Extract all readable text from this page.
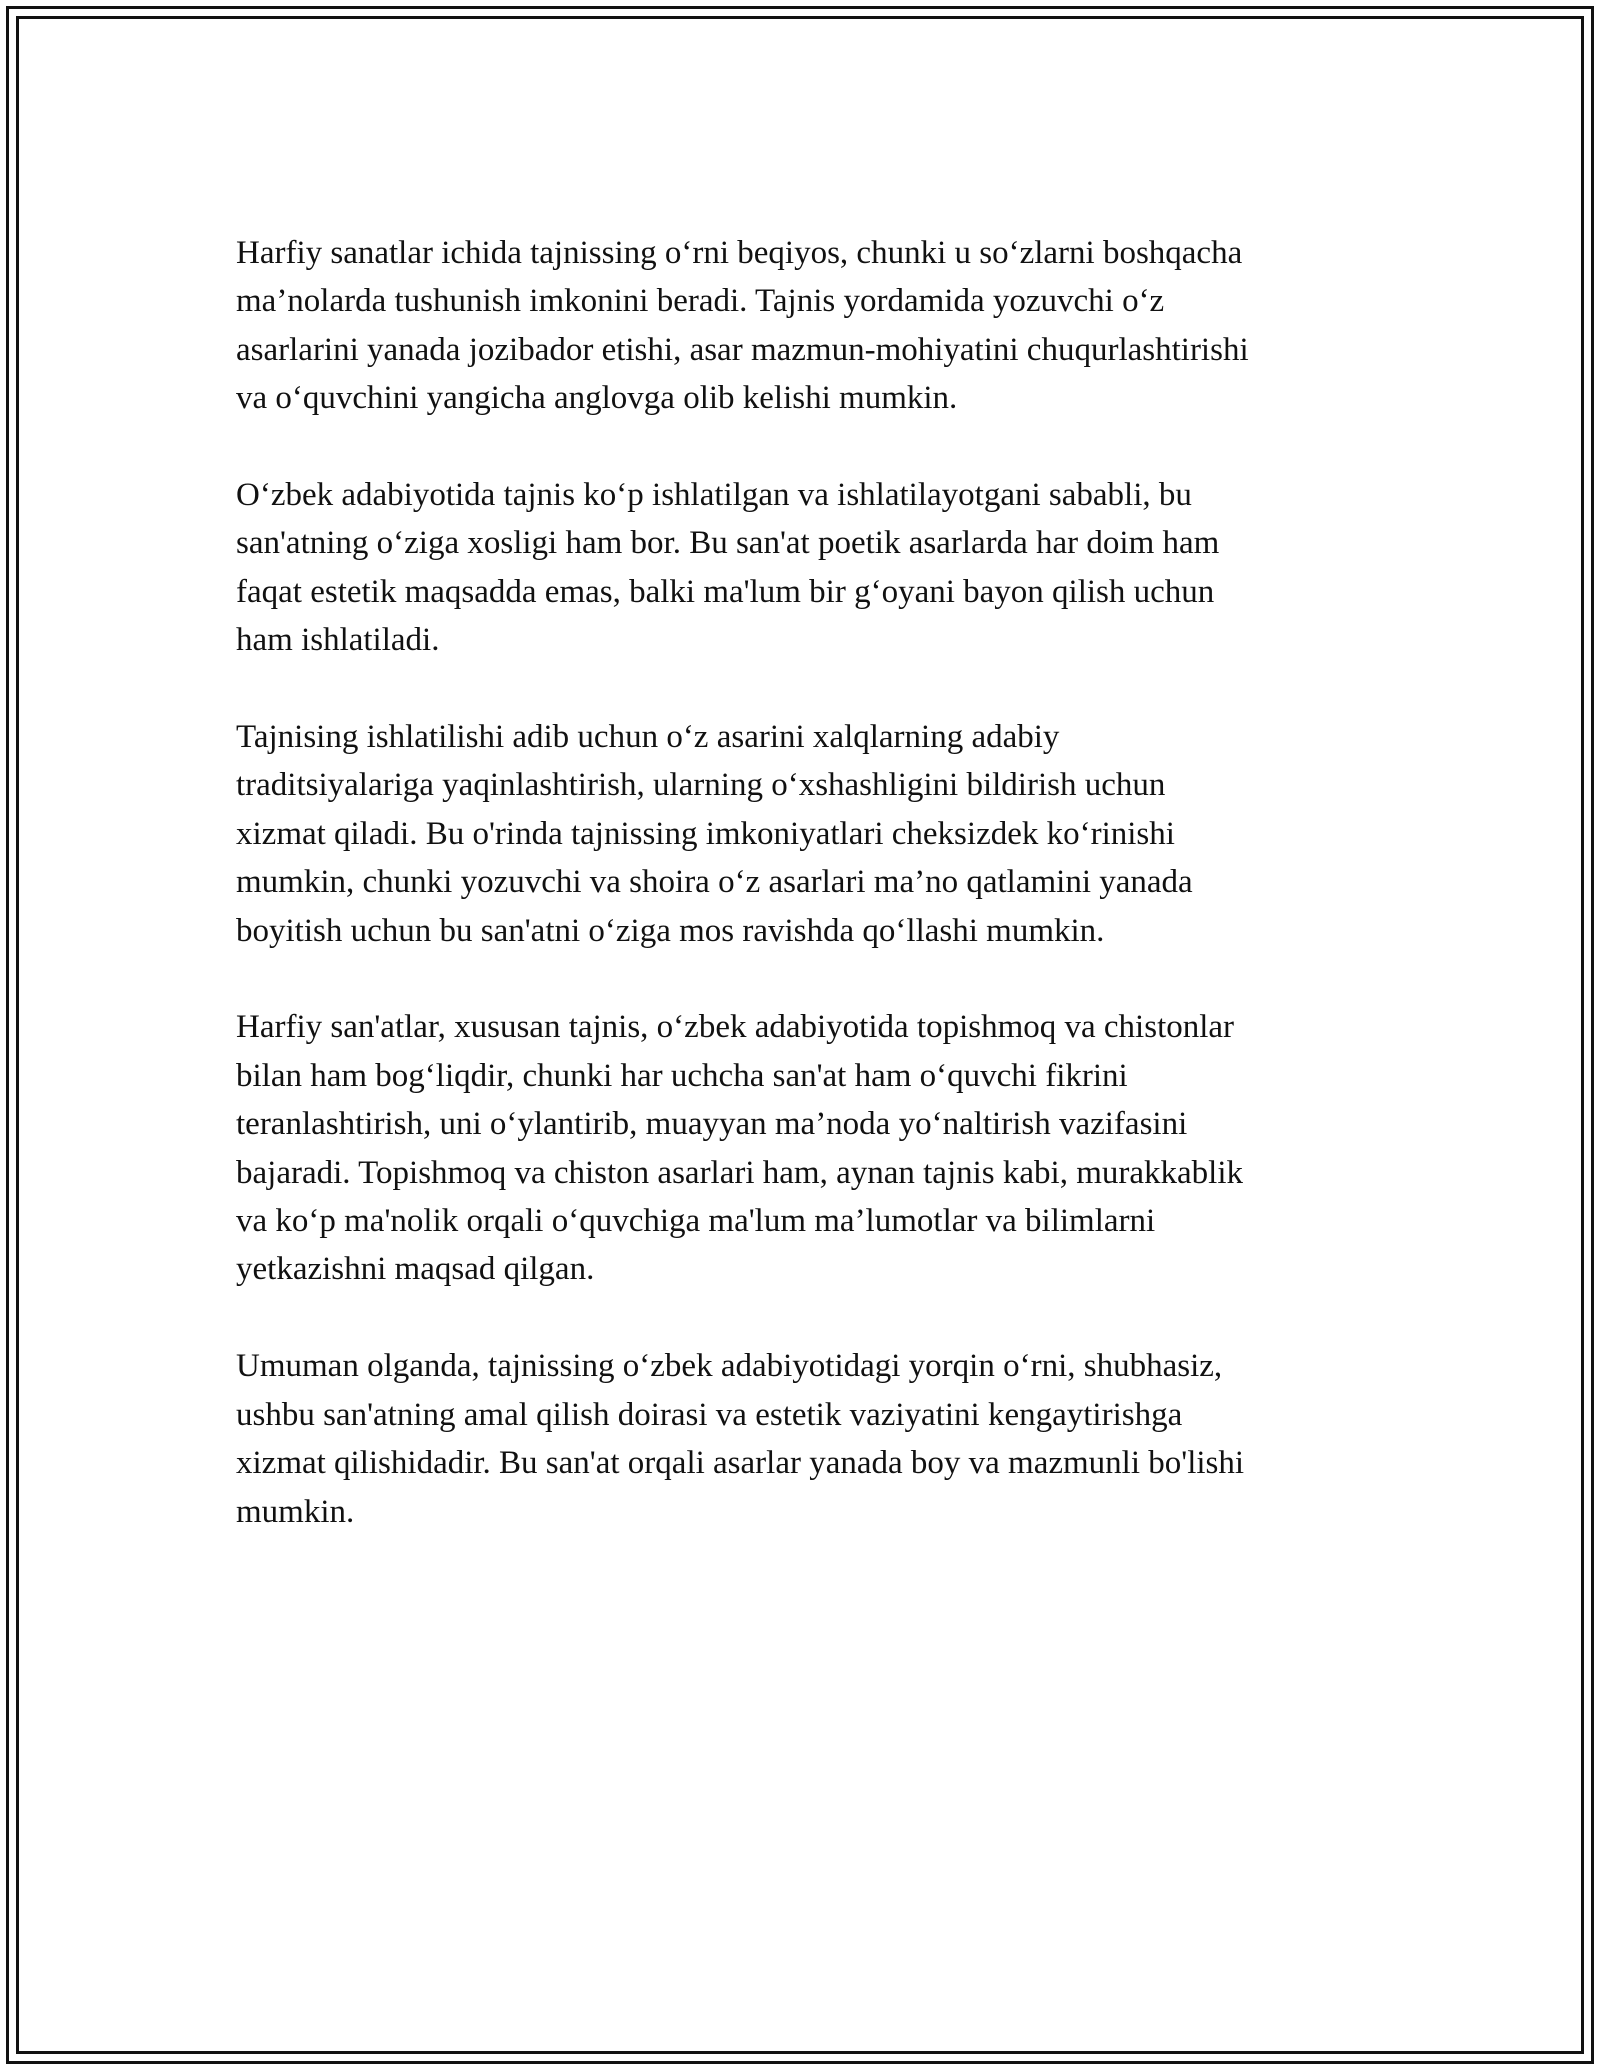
Harfiy sanatlar ichida tajnissing o‘rni beqiyos, chunki u so‘zlarni boshqacha
ma’nolarda tushunish imkonini beradi. Tajnis yordamida yozuvchi o‘z
asarlarini yanada jozibador etishi, asar mazmun-mohiyatini chuqurlashtirishi
va o‘quvchini yangicha anglovga olib kelishi mumkin.

O‘zbek adabiyotida tajnis ko‘p ishlatilgan va ishlatilayotgani sababli, bu
san'atning o‘ziga xosligi ham bor. Bu san'at poetik asarlarda har doim ham
faqat estetik maqsadda emas, balki ma'lum bir g‘oyani bayon qilish uchun
ham ishlatiladi.

Tajnising ishlatilishi adib uchun o‘z asarini xalqlarning adabiy
traditsiyalariga yaqinlashtirish, ularning o‘xshashligini bildirish uchun
xizmat qiladi. Bu o'rinda tajnissing imkoniyatlari cheksizdek ko‘rinishi
mumkin, chunki yozuvchi va shoira o‘z asarlari ma’no qatlamini yanada
boyitish uchun bu san'atni o‘ziga mos ravishda qo‘llashi mumkin.

Harfiy san'atlar, xususan tajnis, o‘zbek adabiyotida topishmoq va chistonlar
bilan ham bog‘liqdir, chunki har uchcha san'at ham o‘quvchi fikrini
teranlashtirish, uni o‘ylantirib, muayyan ma’noda yo‘naltirish vazifasini
bajaradi. Topishmoq va chiston asarlari ham, aynan tajnis kabi, murakkablik
va ko‘p ma'nolik orqali o‘quvchiga ma'lum ma’lumotlar va bilimlarni
yetkazishni maqsad qilgan.

Umuman olganda, tajnissing o‘zbek adabiyotidagi yorqin o‘rni, shubhasiz,
ushbu san'atning amal qilish doirasi va estetik vaziyatini kengaytirishga
xizmat qilishidadir. Bu san'at orqali asarlar yanada boy va mazmunli bo'lishi
mumkin.
